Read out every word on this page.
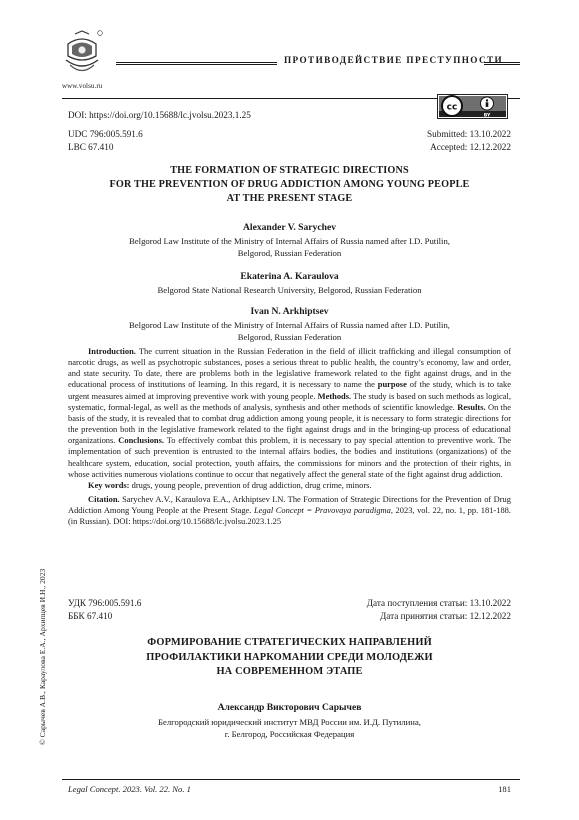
www.volsu.ru
ПРОТИВОДЕЙСТВИЕ ПРЕСТУПНОСТИ
DOI: https://doi.org/10.15688/lc.jvolsu.2023.1.25
cc
BY
UDC 796:005.591.6
LBC 67.410
Submitted: 13.10.2022
Accepted: 12.12.2022
THE FORMATION OF STRATEGIC DIRECTIONS
FOR THE PREVENTION OF DRUG ADDICTION AMONG YOUNG PEOPLE
AT THE PRESENT STAGE
Alexander V. Sarychev
Belgorod Law Institute of the Ministry of Internal Affairs of Russia named after I.D. Putilin,
Belgorod, Russian Federation
Ekaterina A. Karaulova
Belgorod State National Research University, Belgorod, Russian Federation
Ivan N. Arkhiptsev
Belgorod Law Institute of the Ministry of Internal Affairs of Russia named after I.D. Putilin,
Belgorod, Russian Federation

Introduction. The current situation in the Russian Federation in the field of illicit trafficking and illegal consumption of narcotic drugs, as well as psychotropic substances, poses a serious threat to public health, the country’s economy, law and order, and state security. To date, there are problems both in the legislative framework related to the fight against drugs, and in the educational process of institutions of learning. In this regard, it is necessary to name the purpose of the study, which is to take urgent measures aimed at improving preventive work with young people. Methods. The study is based on such methods as logical, systematic, formal-legal, as well as the methods of analysis, synthesis and other methods of scientific knowledge. Results. On the basis of the study, it is revealed that to combat drug addiction among young people, it is necessary to form strategic directions for the prevention both in the legislative framework related to the fight against drugs and in the bringing-up process of educational organizations. Conclusions. To effectively combat this problem, it is necessary to pay special attention to preventive work. The implementation of such prevention is entrusted to the internal affairs bodies, the bodies and institutions (organizations) of the healthcare system, education, social protection, youth affairs, the commissions for minors and the protection of their rights, in whose activities numerous violations continue to occur that negatively affect the general state of the fight against drug addiction.

Key words: drugs, young people, prevention of drug addiction, drug crime, minors.

Citation. Sarychev A.V., Karaulova E.A., Arkhiptsev I.N. The Formation of Strategic Directions for the Prevention of Drug Addiction Among Young People at the Present Stage. Legal Concept = Pravovaya paradigma, 2023, vol. 22, no. 1, pp. 181-188. (in Russian). DOI: https://doi.org/10.15688/lc.jvolsu.2023.1.25

© Сарычев А.В., Караулова Е.А., Архипцев И.Н., 2023 УДК 796:005.591.6
ББК 67.410
Дата поступления статьи: 13.10.2022
Дата принятия статьи: 12.12.2022
ФОРМИРОВАНИЕ СТРАТЕГИЧЕСКИХ НАПРАВЛЕНИЙ
ПРОФИЛАКТИКИ НАРКОМАНИИ СРЕДИ МОЛОДЕЖИ
НА СОВРЕМЕННОМ ЭТАПЕ
Александр Викторович Сарычев
Белгородский юридический институт МВД России им. И.Д. Путилина,
г. Белгород, Российская Федерация
Legal Concept. 2023. Vol. 22. No. 1	181
